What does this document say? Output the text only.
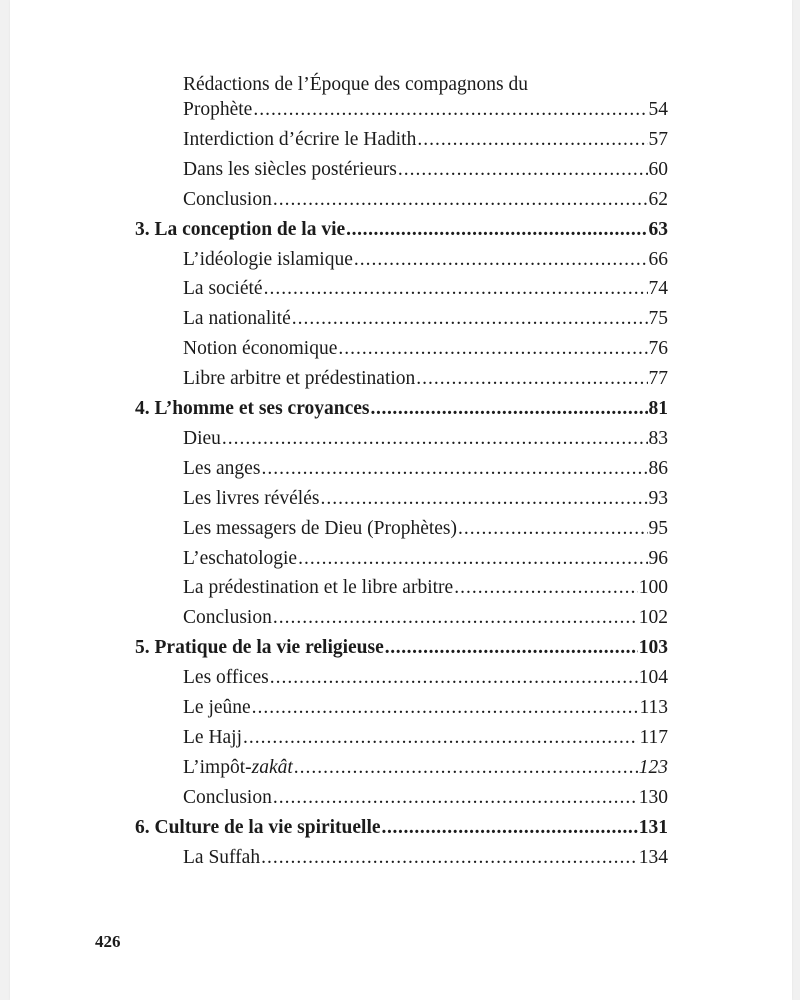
Rédactions de l’Époque des compagnons du
Prophète .....	54
Interdiction d’écrire le Hadith .....	57
Dans les siècles postérieurs .....	60
Conclusion .....	62
3. La conception de la vie .....	63
L’idéologie islamique .....	66
La société .....	74
La nationalité .....	75
Notion économique .....	76
Libre arbitre et prédestination .....	77
4. L’homme et ses croyances .....	81
Dieu .....	83
Les anges .....	86
Les livres révélés .....	93
Les messagers de Dieu (Prophètes) .....	95
L’eschatologie .....	96
La prédestination et le libre arbitre .....	100
Conclusion .....	102
5. Pratique de la vie religieuse .....	103
Les offices .....	104
Le jeûne .....	113
Le Hajj .....	117
L’impôt- zakât .....	123
Conclusion .....	130
6. Culture de la vie spirituelle .....	131
La Suffah .....	134
426
